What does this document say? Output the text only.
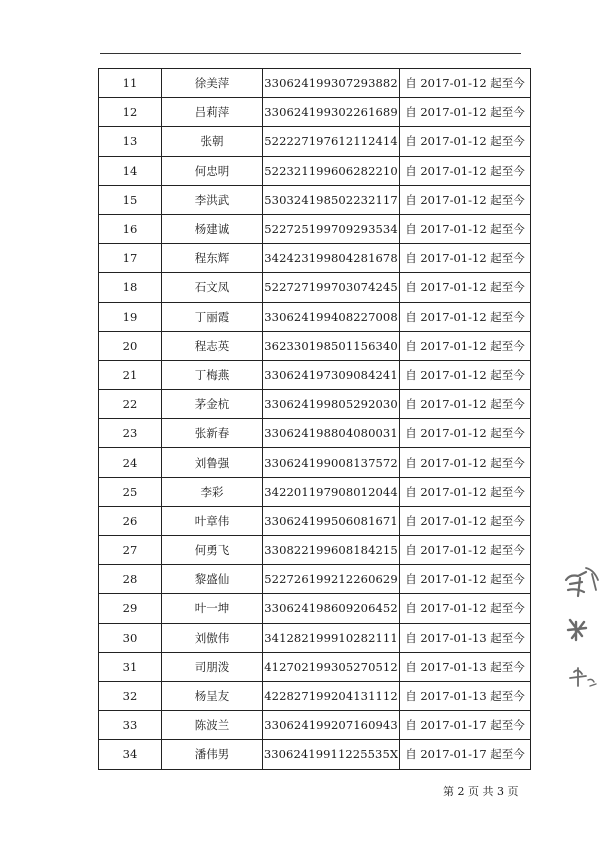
11	徐美萍	330624199307293882	自 2017-01-12 起至今
12	吕莉萍	330624199302261689	自 2017-01-12 起至今
13	张朝	522227197612112414	自 2017-01-12 起至今
14	何忠明	522321199606282210	自 2017-01-12 起至今
15	李洪武	530324198502232117	自 2017-01-12 起至今
16	杨建诚	522725199709293534	自 2017-01-12 起至今
17	程东辉	342423199804281678	自 2017-01-12 起至今
18	石文凤	522727199703074245	自 2017-01-12 起至今
19	丁丽霞	330624199408227008	自 2017-01-12 起至今
20	程志英	362330198501156340	自 2017-01-12 起至今
21	丁梅燕	330624197309084241	自 2017-01-12 起至今
22	茅金杭	330624199805292030	自 2017-01-12 起至今
23	张新春	330624198804080031	自 2017-01-12 起至今
24	刘鲁强	330624199008137572	自 2017-01-12 起至今
25	李彩	342201197908012044	自 2017-01-12 起至今
26	叶章伟	330624199506081671	自 2017-01-12 起至今
27	何勇飞	330822199608184215	自 2017-01-12 起至今
28	黎盛仙	522726199212260629	自 2017-01-12 起至今
29	叶一坤	330624198609206452	自 2017-01-12 起至今
30	刘傲伟	341282199910282111	自 2017-01-13 起至今
31	司朋泼	412702199305270512	自 2017-01-13 起至今
32	杨呈友	422827199204131112	自 2017-01-13 起至今
33	陈波兰	330624199207160943	自 2017-01-17 起至今
34	潘伟男	33062419911225535X	自 2017-01-17 起至今
第 2 页 共 3 页
